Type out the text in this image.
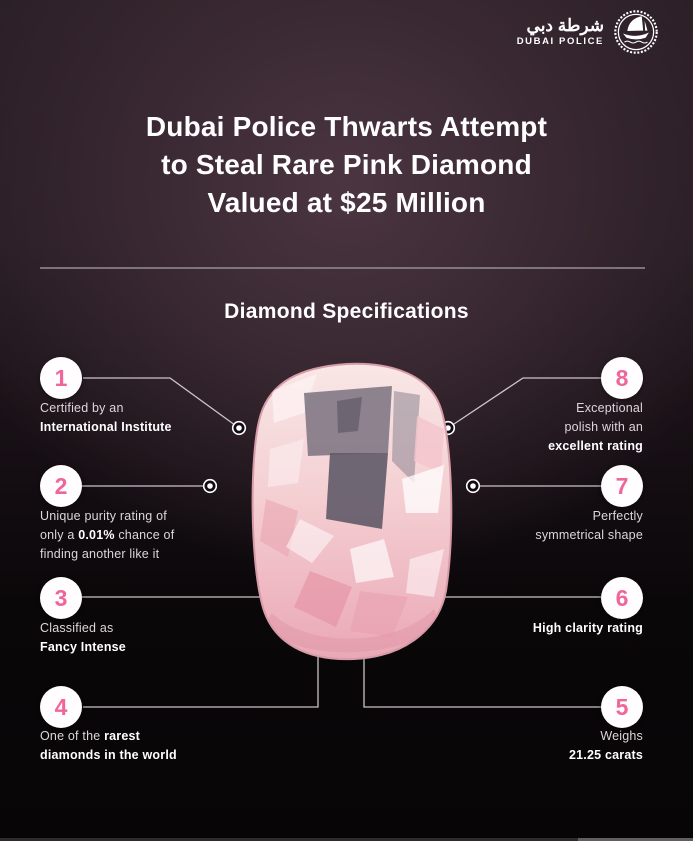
شرطة دبي
DUBAI POLICE
Dubai Police Thwarts Attempt
to Steal Rare Pink Diamond
Valued at $25 Million
Diamond Specifications
1
Certified by an
International Institute
2
Unique purity rating of
only a 0.01% chance of
finding another like it
3
Classified as
Fancy Intense
4
One of the rarest
diamonds in the world
5
Weighs
21.25 carats
6
High clarity rating
7
Perfectly
symmetrical shape
8
Exceptional
polish with an
excellent rating
